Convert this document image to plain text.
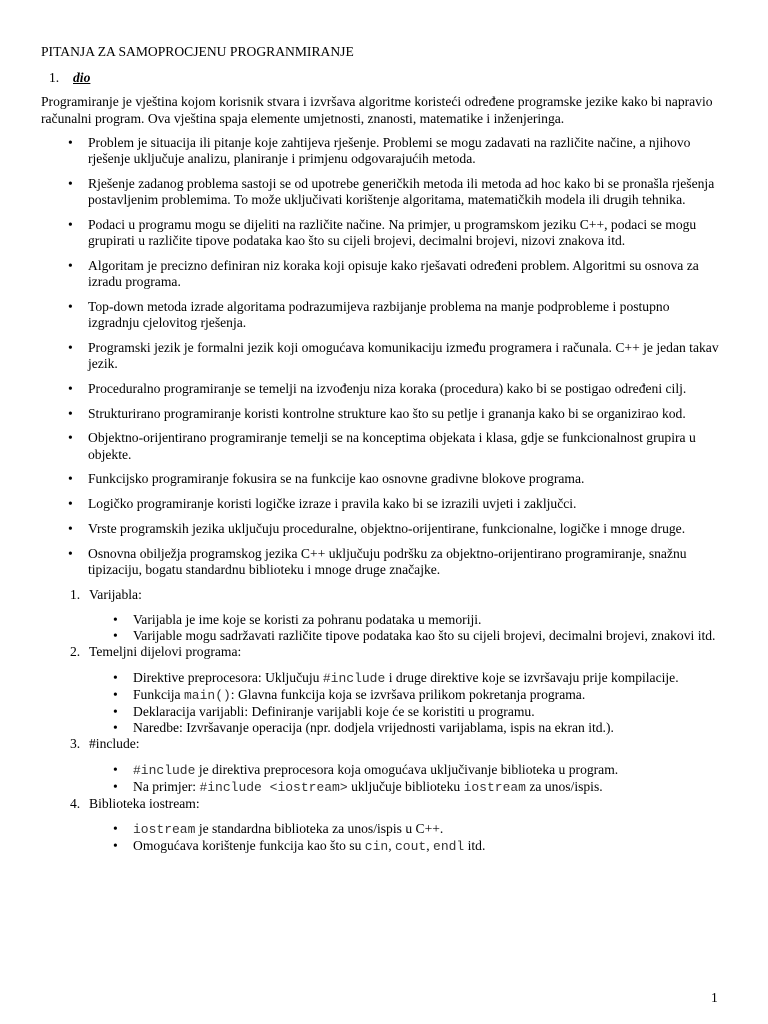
PITANJA ZA SAMOPROCJENU PROGRANMIRANJE
1. dio
Programiranje je vještina kojom korisnik stvara i izvršava algoritme koristeći određene programske jezike kako bi napravio računalni program. Ova vještina spaja elemente umjetnosti, znanosti, matematike i inženjeringa.
• Problem je situacija ili pitanje koje zahtijeva rješenje. Problemi se mogu zadavati na različite načine, a njihovo rješenje uključuje analizu, planiranje i primjenu odgovarajućih metoda.
• Rješenje zadanog problema sastoji se od upotrebe generičkih metoda ili metoda ad hoc kako bi se pronašla rješenja postavljenim problemima. To može uključivati korištenje algoritama, matematičkih modela ili drugih tehnika.
• Podaci u programu mogu se dijeliti na različite načine. Na primjer, u programskom jeziku C++, podaci se mogu grupirati u različite tipove podataka kao što su cijeli brojevi, decimalni brojevi, nizovi znakova itd.
• Algoritam je precizno definiran niz koraka koji opisuje kako rješavati određeni problem. Algoritmi su osnova za izradu programa.
• Top-down metoda izrade algoritama podrazumijeva razbijanje problema na manje podprobleme i postupno izgradnju cjelovitog rješenja.
• Programski jezik je formalni jezik koji omogućava komunikaciju između programera i računala. C++ je jedan takav jezik.
• Proceduralno programiranje se temelji na izvođenju niza koraka (procedura) kako bi se postigao određeni cilj.
• Strukturirano programiranje koristi kontrolne strukture kao što su petlje i grananja kako bi se organizirao kod.
• Objektno-orijentirano programiranje temelji se na konceptima objekata i klasa, gdje se funkcionalnost grupira u objekte.
• Funkcijsko programiranje fokusira se na funkcije kao osnovne gradivne blokove programa.
• Logičko programiranje koristi logičke izraze i pravila kako bi se izrazili uvjeti i zaključci.
• Vrste programskih jezika uključuju proceduralne, objektno-orijentirane, funkcionalne, logičke i mnoge druge.
• Osnovna obilježja programskog jezika C++ uključuju podršku za objektno-orijentirano programiranje, snažnu tipizaciju, bogatu standardnu biblioteku i mnoge druge značajke.
1. Varijabla:
• Varijabla je ime koje se koristi za pohranu podataka u memoriji.
• Varijable mogu sadržavati različite tipove podataka kao što su cijeli brojevi, decimalni brojevi, znakovi itd.
2. Temeljni dijelovi programa:
• Direktive preprocesora: Uključuju #include i druge direktive koje se izvršavaju prije kompilacije.
• Funkcija main(): Glavna funkcija koja se izvršava prilikom pokretanja programa.
• Deklaracija varijabli: Definiranje varijabli koje će se koristiti u programu.
• Naredbe: Izvršavanje operacija (npr. dodjela vrijednosti varijablama, ispis na ekran itd.).
3. #include:
• #include je direktiva preprocesora koja omogućava uključivanje biblioteka u program.
• Na primjer: #include <iostream> uključuje biblioteku iostream za unos/ispis.
4. Biblioteka iostream:
• iostream je standardna biblioteka za unos/ispis u C++.
• Omogućava korištenje funkcija kao što su cin, cout, endl itd.
1
